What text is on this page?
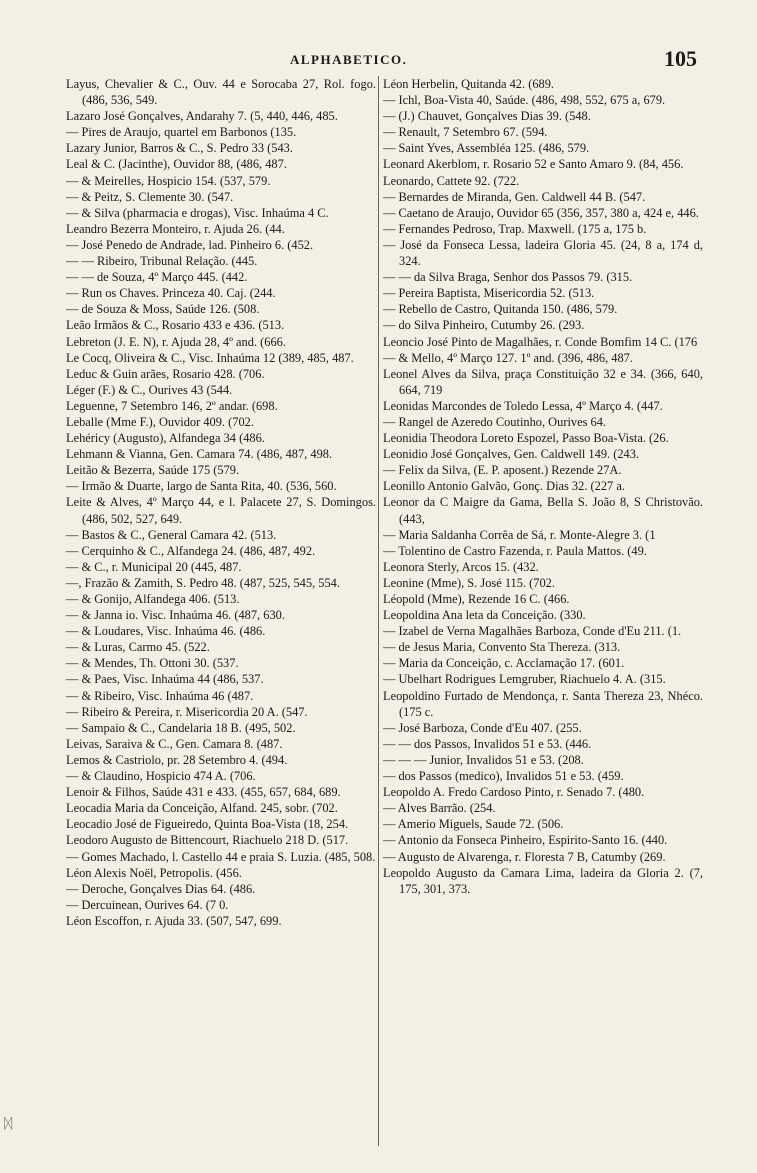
ALPHABETICO.	105

Layus, Chevalier & C., Ouv. 44 e Sorocaba 27, Rol. fogo. (486, 536, 549.

Lazaro José Gonçalves, Andarahy 7. (5, 440, 446, 485.

— Pires de Araujo, quartel em Barbonos (135.

Lazary Junior, Barros & C., S. Pedro 33 (543.

Leal & C. (Jacinthe), Ouvidor 88, (486, 487.

— & Meirelles, Hospicio 154. (537, 579.

— & Peitz, S. Clemente 30. (547.

— & Silva (pharmacia e drogas), Visc. Inhaúma 4 C.

Leandro Bezerra Monteiro, r. Ajuda 26. (44.

— José Penedo de Andrade, lad. Pinheiro 6. (452.

— — Ribeiro, Tribunal Relação. (445.

— — de Souza, 4º Março 445. (442.

— Run os Chaves. Princeza 40. Caj. (244.

— de Souza & Moss, Saúde 126. (508.

Leão Irmãos & C., Rosario 433 e 436. (513.

Lebreton (J. E. N), r. Ajuda 28, 4º and. (666.

Le Cocq, Oliveira & C., Visc. Inhaúma 12 (389, 485, 487.

Leduc & Guin arães, Rosario 428. (706.

Léger (F.) & C., Ourives 43 (544.

Leguenne, 7 Setembro 146, 2º andar. (698.

Leballe (Mme F.), Ouvidor 409. (702.

Lehéricy (Augusto), Alfandega 34 (486.

Lehmann & Vianna, Gen. Camara 74. (486, 487, 498.

Leitão & Bezerra, Saúde 175 (579.

— Irmão & Duarte, largo de Santa Rita, 40. (536, 560.

Leite & Alves, 4º Março 44, e l. Palacete 27, S. Domingos. (486, 502, 527, 649.

— Bastos & C., General Camara 42. (513.

— Cerquinho & C., Alfandega 24. (486, 487, 492.

— & C., r. Municipal 20 (445, 487.

—, Frazão & Zamith, S. Pedro 48. (487, 525, 545, 554.

— & Gonijo, Alfandega 406. (513.

— & Janna io. Visc. Inhaúma 46. (487, 630.

— & Loudares, Visc. Inhaúma 46. (486.

— & Luras, Carmo 45. (522.

— & Mendes, Th. Ottoni 30. (537.

— & Paes, Visc. Inhaúma 44 (486, 537.

— & Ribeiro, Visc. Inhaúma 46 (487.

— Ribeiro & Pereira, r. Misericordia 20 A. (547.

— Sampaio & C., Candelaria 18 B. (495, 502.

Leivas, Saraiva & C., Gen. Camara 8. (487.

Lemos & Castriolo, pr. 28 Setembro 4. (494.

— & Claudino, Hospicio 474 A. (706.

Lenoir & Filhos, Saúde 431 e 433. (455, 657, 684, 689.

Leocadia Maria da Conceição, Alfand. 245, sobr. (702.

Leocadio José de Figueiredo, Quinta Boa-Vista (18, 254.

Leodoro Augusto de Bittencourt, Riachuelo 218 D. (517.

— Gomes Machado, l. Castello 44 e praia S. Luzia. (485, 508.

Léon Alexis Noël, Petropolis. (456.

— Deroche, Gonçalves Dias 64. (486.

— Dercuinean, Ourives 64. (7 0.

Léon Escoffon, r. Ajuda 33. (507, 547, 699.

Léon Herbelin, Quitanda 42. (689.

— Ichl, Boa-Vista 40, Saúde. (486, 498, 552, 675 a, 679.

— (J.) Chauvet, Gonçalves Dias 39. (548.

— Renault, 7 Setembro 67. (594.

— Saint Yves, Assembléa 125. (486, 579.

Leonard Akerblom, r. Rosario 52 e Santo Amaro 9. (84, 456.

Leonardo, Cattete 92. (722.

— Bernardes de Miranda, Gen. Caldwell 44 B. (547.

— Caetano de Araujo, Ouvidor 65 (356, 357, 380 a, 424 e, 446.

— Fernandes Pedroso, Trap. Maxwell. (175 a, 175 b.

— José da Fonseca Lessa, ladeira Gloria 45. (24, 8 a, 174 d, 324.

— — da Silva Braga, Senhor dos Passos 79. (315.

— Pereira Baptista, Misericordia 52. (513.

— Rebello de Castro, Quitanda 150. (486, 579.

— do Silva Pinheiro, Cutumby 26. (293.

Leoncio José Pinto de Magalhães, r. Conde Bomfim 14 C. (176

— & Mello, 4º Março 127. 1º and. (396, 486, 487.

Leonel Alves da Silva, praça Constituição 32 e 34. (366, 640, 664, 719

Leonidas Marcondes de Toledo Lessa, 4º Março 4. (447.

— Rangel de Azeredo Coutinho, Ourives 64.

Leonidia Theodora Loreto Espozel, Passo Boa-Vista. (26.

Leonidio José Gonçalves, Gen. Caldwell 149. (243.

— Felix da Silva, (E. P. aposent.) Rezende 27A.

Leonillo Antonio Galvão, Gonç. Dias 32. (227 a.

Leonor da C Maigre da Gama, Bella S. João 8, S Christovão. (443,

— Maria Saldanha Corrêa de Sá, r. Monte-Alegre 3. (1

— Tolentino de Castro Fazenda, r. Paula Mattos. (49.

Leonora Sterly, Arcos 15. (432.

Leonine (Mme), S. José 115. (702.

Léopold (Mme), Rezende 16 C. (466.

Leopoldina Ana leta da Conceição. (330.

— Izabel de Verna Magalhães Barboza, Conde d'Eu 211. (1.

— de Jesus Maria, Convento Sta Thereza. (313.

— Maria da Conceição, c. Acclamação 17. (601.

— Ubelhart Rodrigues Lemgruber, Riachuelo 4. A. (315.

Leopoldino Furtado de Mendonça, r. Santa Thereza 23, Nhéco. (175 c.

— José Barboza, Conde d'Eu 407. (255.

— — dos Passos, Invalidos 51 e 53. (446.

— — — Junior, Invalidos 51 e 53. (208.

— dos Passos (medico), Invalidos 51 e 53. (459.

Leopoldo A. Fredo Cardoso Pinto, r. Senado 7. (480.

— Alves Barrão. (254.

— Amerio Miguels, Saude 72. (506.

— Antonio da Fonseca Pinheiro, Espirito-Santo 16. (440.

— Augusto de Alvarenga, r. Floresta 7 B, Catumby (269.

Leopoldo Augusto da Camara Lima, ladeira da Gloria 2. (7, 175, 301, 373.

ᛞ
